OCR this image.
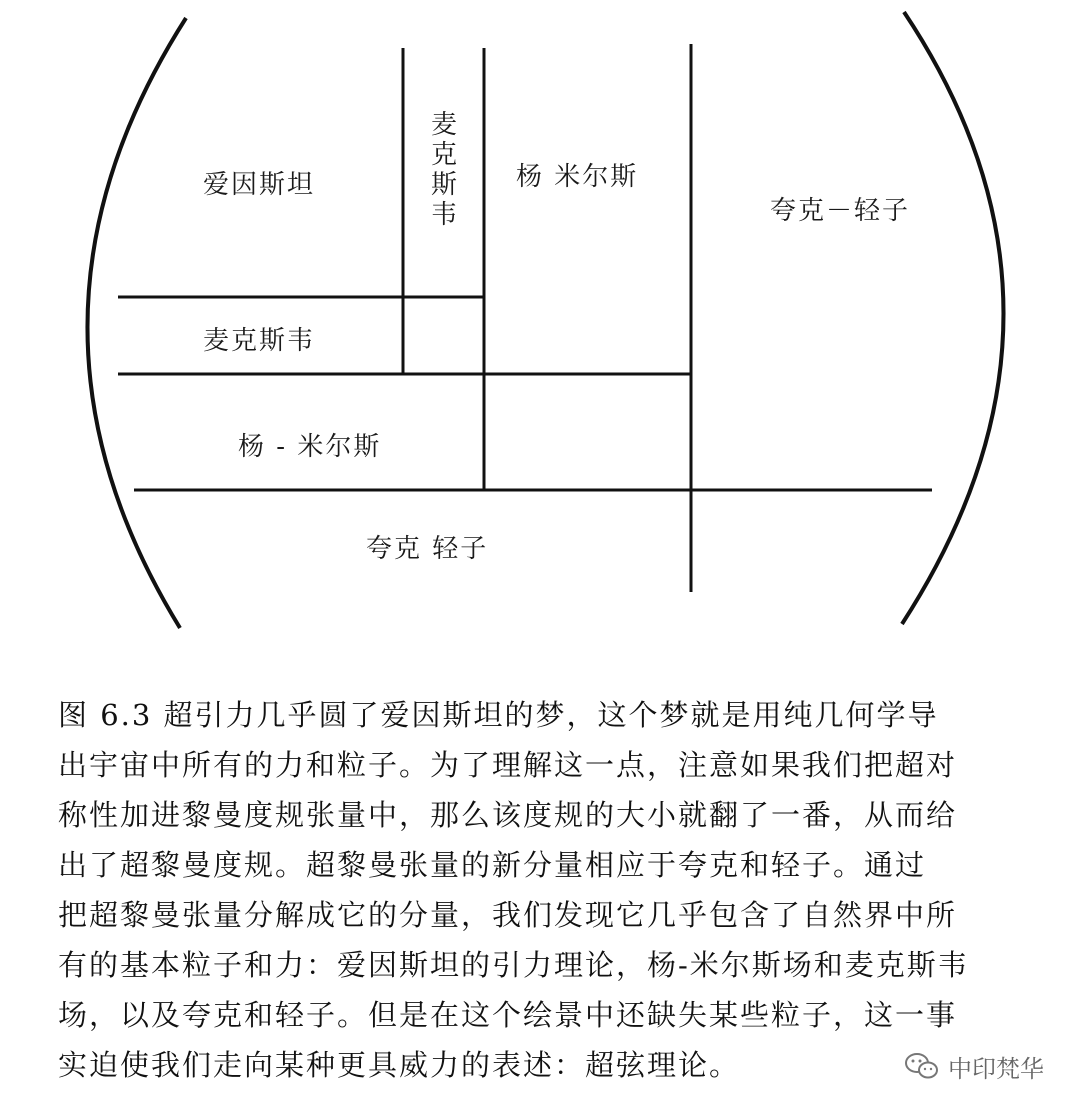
爱因斯坦
麦
克
斯
韦
杨 米尔斯
夸克－轻子
麦克斯韦
杨 - 米尔斯
夸克 轻子

图 6.3 超引力几乎圆了爱因斯坦的梦，这个梦就是用纯几何学导

出宇宙中所有的力和粒子。为了理解这一点，注意如果我们把超对

称性加进黎曼度规张量中，那么该度规的大小就翻了一番，从而给

出了超黎曼度规。超黎曼张量的新分量相应于夸克和轻子。通过

把超黎曼张量分解成它的分量，我们发现它几乎包含了自然界中所

有的基本粒子和力：爱因斯坦的引力理论，杨-米尔斯场和麦克斯韦

场，以及夸克和轻子。但是在这个绘景中还缺失某些粒子，这一事

实迫使我们走向某种更具威力的表述：超弦理论。	中印梵华
